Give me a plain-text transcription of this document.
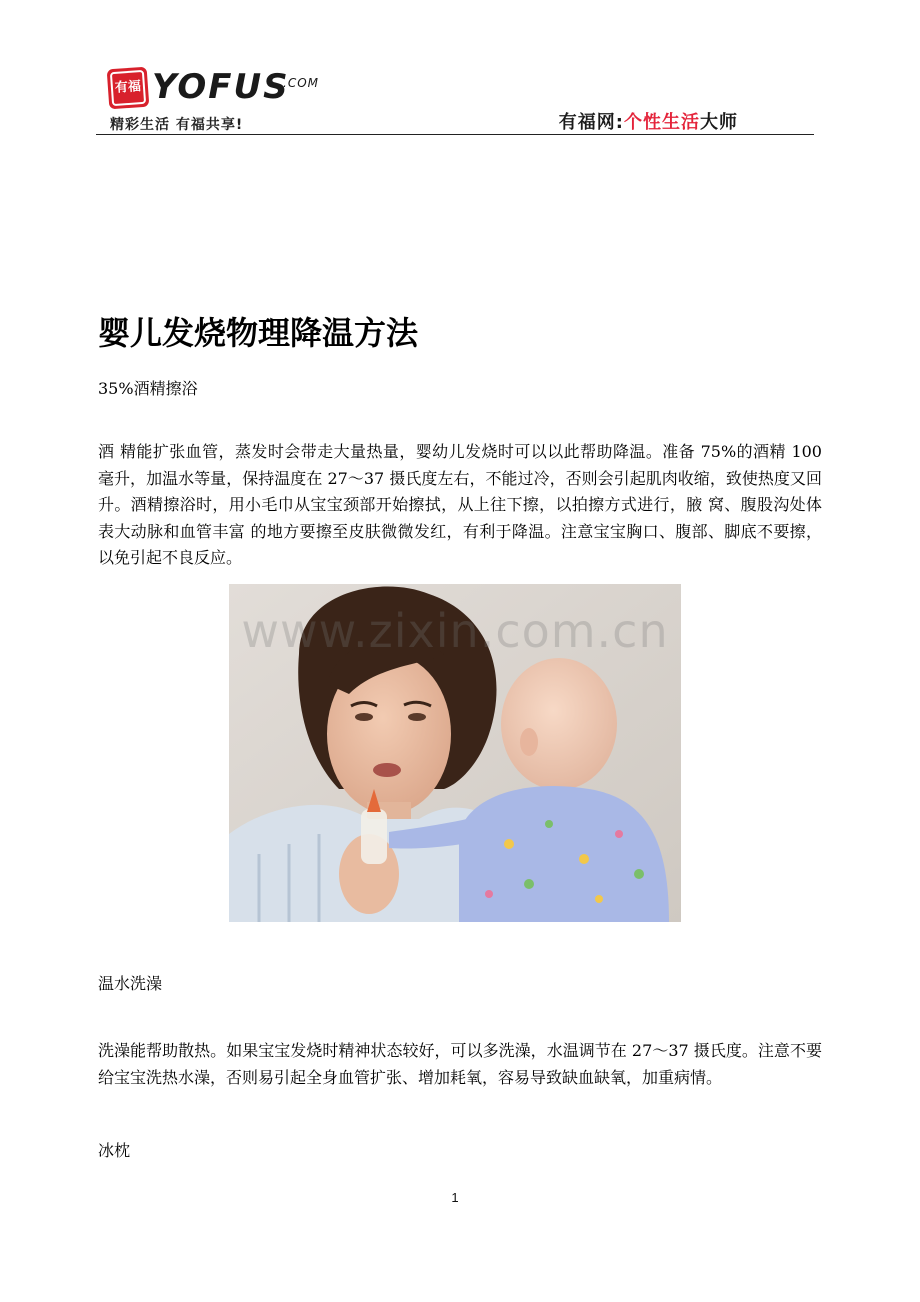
有福 YOFUS
.COM
精彩生活 有福共享!	有福网:个性生活大师
婴儿发烧物理降温方法

35%酒精擦浴

酒 精能扩张血管，蒸发时会带走大量热量，婴幼儿发烧时可以以此帮助降温。准备 75%的酒精 100 毫升，加温水等量，保持温度在 27～37 摄氏度左右，不能过冷，否则会引起肌肉收缩，致使热度又回升。酒精擦浴时，用小毛巾从宝宝颈部开始擦拭，从上往下擦，以拍擦方式进行，腋 窝、腹股沟处体表大动脉和血管丰富 的地方要擦至皮肤微微发红，有利于降温。注意宝宝胸口、腹部、脚底不要擦，以免引起不良反应。

www.zixin.com.cn

温水洗澡

洗澡能帮助散热。如果宝宝发烧时精神状态较好，可以多洗澡，水温调节在 27～37 摄氏度。注意不要给宝宝洗热水澡，否则易引起全身血管扩张、增加耗氧，容易导致缺血缺氧，加重病情。

冰枕

1
